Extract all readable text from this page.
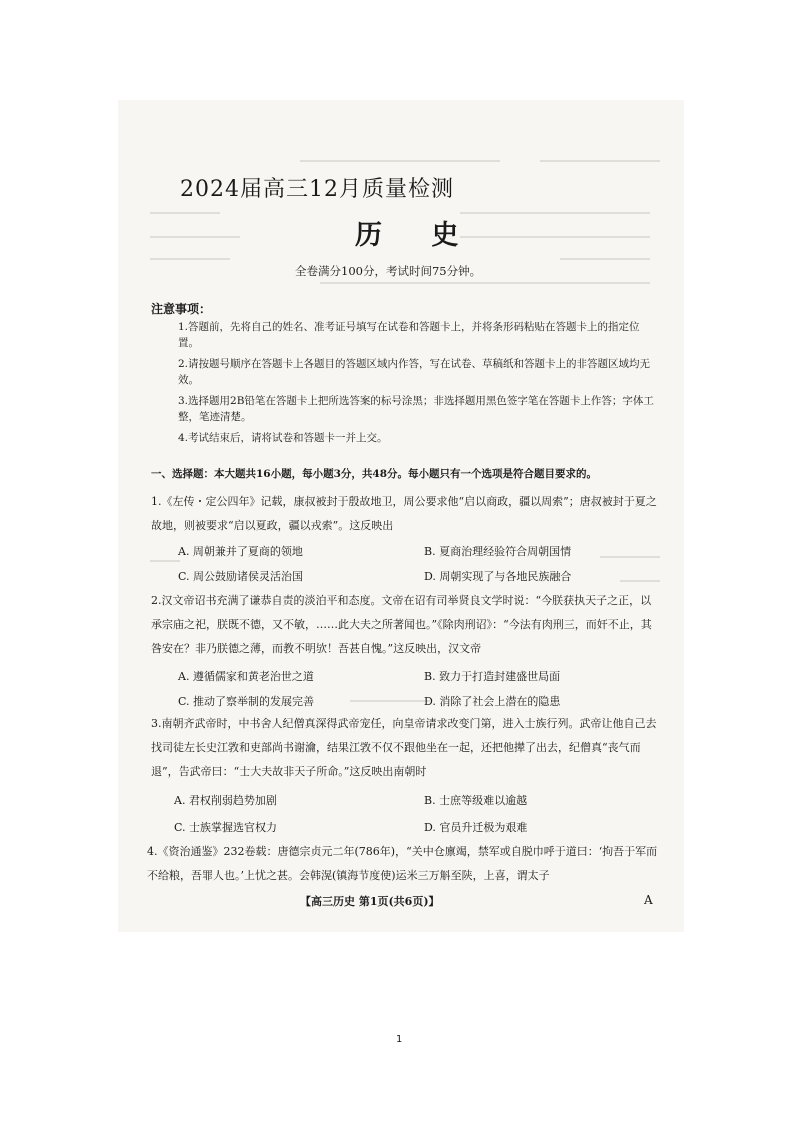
2024届高三12月质量检测
历 史
全卷满分100分，考试时间75分钟。
注意事项：
1.答题前，先将自己的姓名、准考证号填写在试卷和答题卡上，并将条形码粘贴在答题卡上的指定位置。
2.请按题号顺序在答题卡上各题目的答题区域内作答，写在试卷、草稿纸和答题卡上的非答题区域均无效。
3.选择题用2B铅笔在答题卡上把所选答案的标号涂黑；非选择题用黑色签字笔在答题卡上作答；字体工整，笔迹清楚。
4.考试结束后，请将试卷和答题卡一并上交。
一、选择题：本大题共16小题，每小题3分，共48分。每小题只有一个选项是符合题目要求的。
1.《左传・定公四年》记载，康叔被封于殷故地卫，周公要求他“启以商政，疆以周索”；唐叔被封于夏之故地，则被要求“启以夏政，疆以戎索”。这反映出
A. 周朝兼并了夏商的领地	B. 夏商治理经验符合周朝国情
C. 周公鼓励诸侯灵活治国	D. 周朝实现了与各地民族融合
2.汉文帝诏书充满了谦恭自责的淡泊平和态度。文帝在诏有司举贤良文学时说：“今朕获执天子之正，以承宗庙之祀，朕既不德，又不敏，……此大夫之所著闻也。”《除肉刑诏》：“今法有肉刑三，而奸不止，其咎安在？非乃朕德之薄，而教不明欤！吾甚自愧。”这反映出，汉文帝
A. 遵循儒家和黄老治世之道	B. 致力于打造封建盛世局面
C. 推动了察举制的发展完善	D. 消除了社会上潜在的隐患
3.南朝齐武帝时，中书舍人纪僧真深得武帝宠任，向皇帝请求改变门第，进入士族行列。武帝让他自己去找司徒左长史江敩和吏部尚书谢瀹，结果江敩不仅不跟他坐在一起，还把他撵了出去，纪僧真“丧气而退”，告武帝曰：“士大夫故非天子所命。”这反映出南朝时
A. 君权削弱趋势加剧	B. 士庶等级难以逾越
C. 士族掌握选官权力	D. 官员升迁极为艰难
4.《资治通鉴》232卷载：唐德宗贞元二年(786年)，“关中仓廪竭，禁军或自脱巾呼于道曰：‘拘吾于军而不给粮，吾罪人也。’上忧之甚。会韩滉(镇海节度使)运米三万斛至陕，上喜，谓太子
【高三历史 第1页(共6页)】	A
1
